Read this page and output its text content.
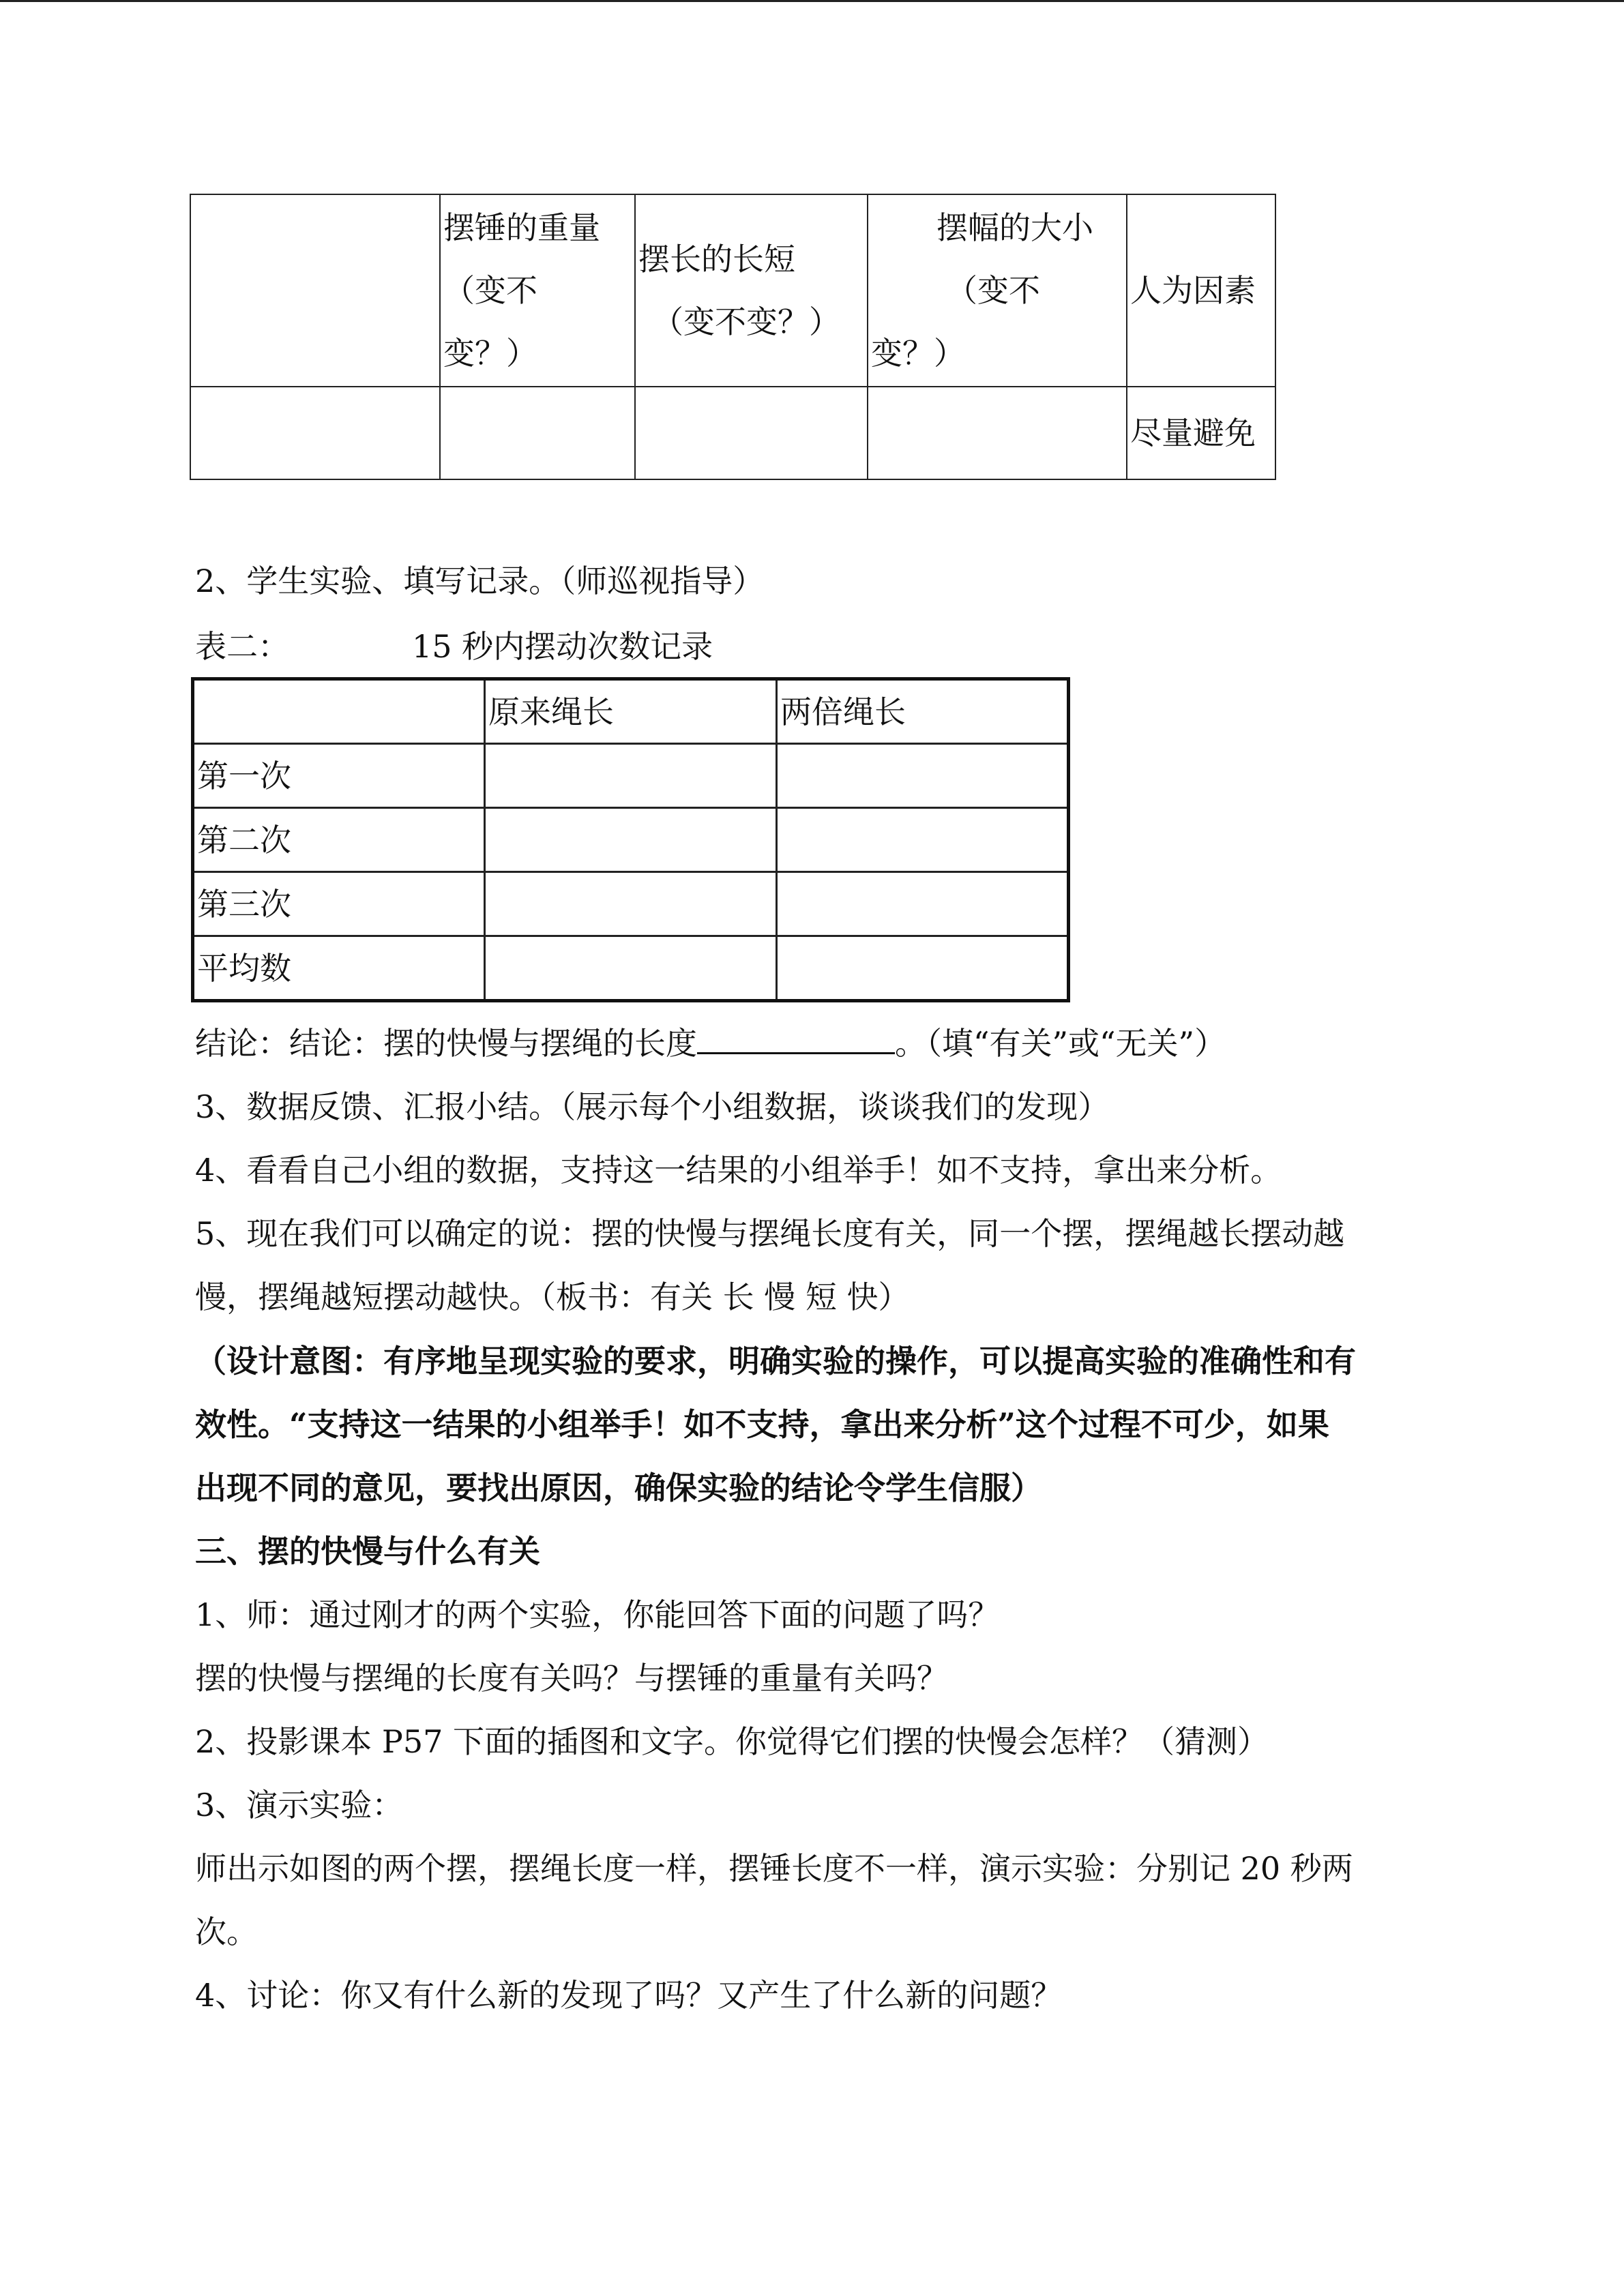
	摆锤的重量
（变不
变？）	摆长的长短
（变不变？）	摆幅的大小
（变不
变？）	人为因素

				尽量避免
2、学生实验、填写记录。（师巡视指导）
表二：	15 秒内摆动次数记录
	原来绳长	两倍绳长
第一次		
第二次		
第三次		
平均数		
结论：结论：摆的快慢与摆绳的长度	。（填“有关”或“无关”）
3、数据反馈、汇报小结。（展示每个小组数据，谈谈我们的发现）
4、看看自己小组的数据，支持这一结果的小组举手！如不支持，拿出来分析。
5、现在我们可以确定的说：摆的快慢与摆绳长度有关，同一个摆，摆绳越长摆动越
慢，摆绳越短摆动越快。（板书：有关 长 慢 短 快）
（设计意图：有序地呈现实验的要求，明确实验的操作，可以提高实验的准确性和有
效性。“支持这一结果的小组举手！如不支持，拿出来分析”这个过程不可少，如果
出现不同的意见，要找出原因，确保实验的结论令学生信服）
三、摆的快慢与什么有关
1、师：通过刚才的两个实验，你能回答下面的问题了吗？
摆的快慢与摆绳的长度有关吗？与摆锤的重量有关吗？
2、投影课本 P57 下面的插图和文字。你觉得它们摆的快慢会怎样？（猜测）
3、演示实验：
师出示如图的两个摆，摆绳长度一样，摆锤长度不一样，演示实验：分别记 20 秒两
次。
4、讨论：你又有什么新的发现了吗？又产生了什么新的问题？
